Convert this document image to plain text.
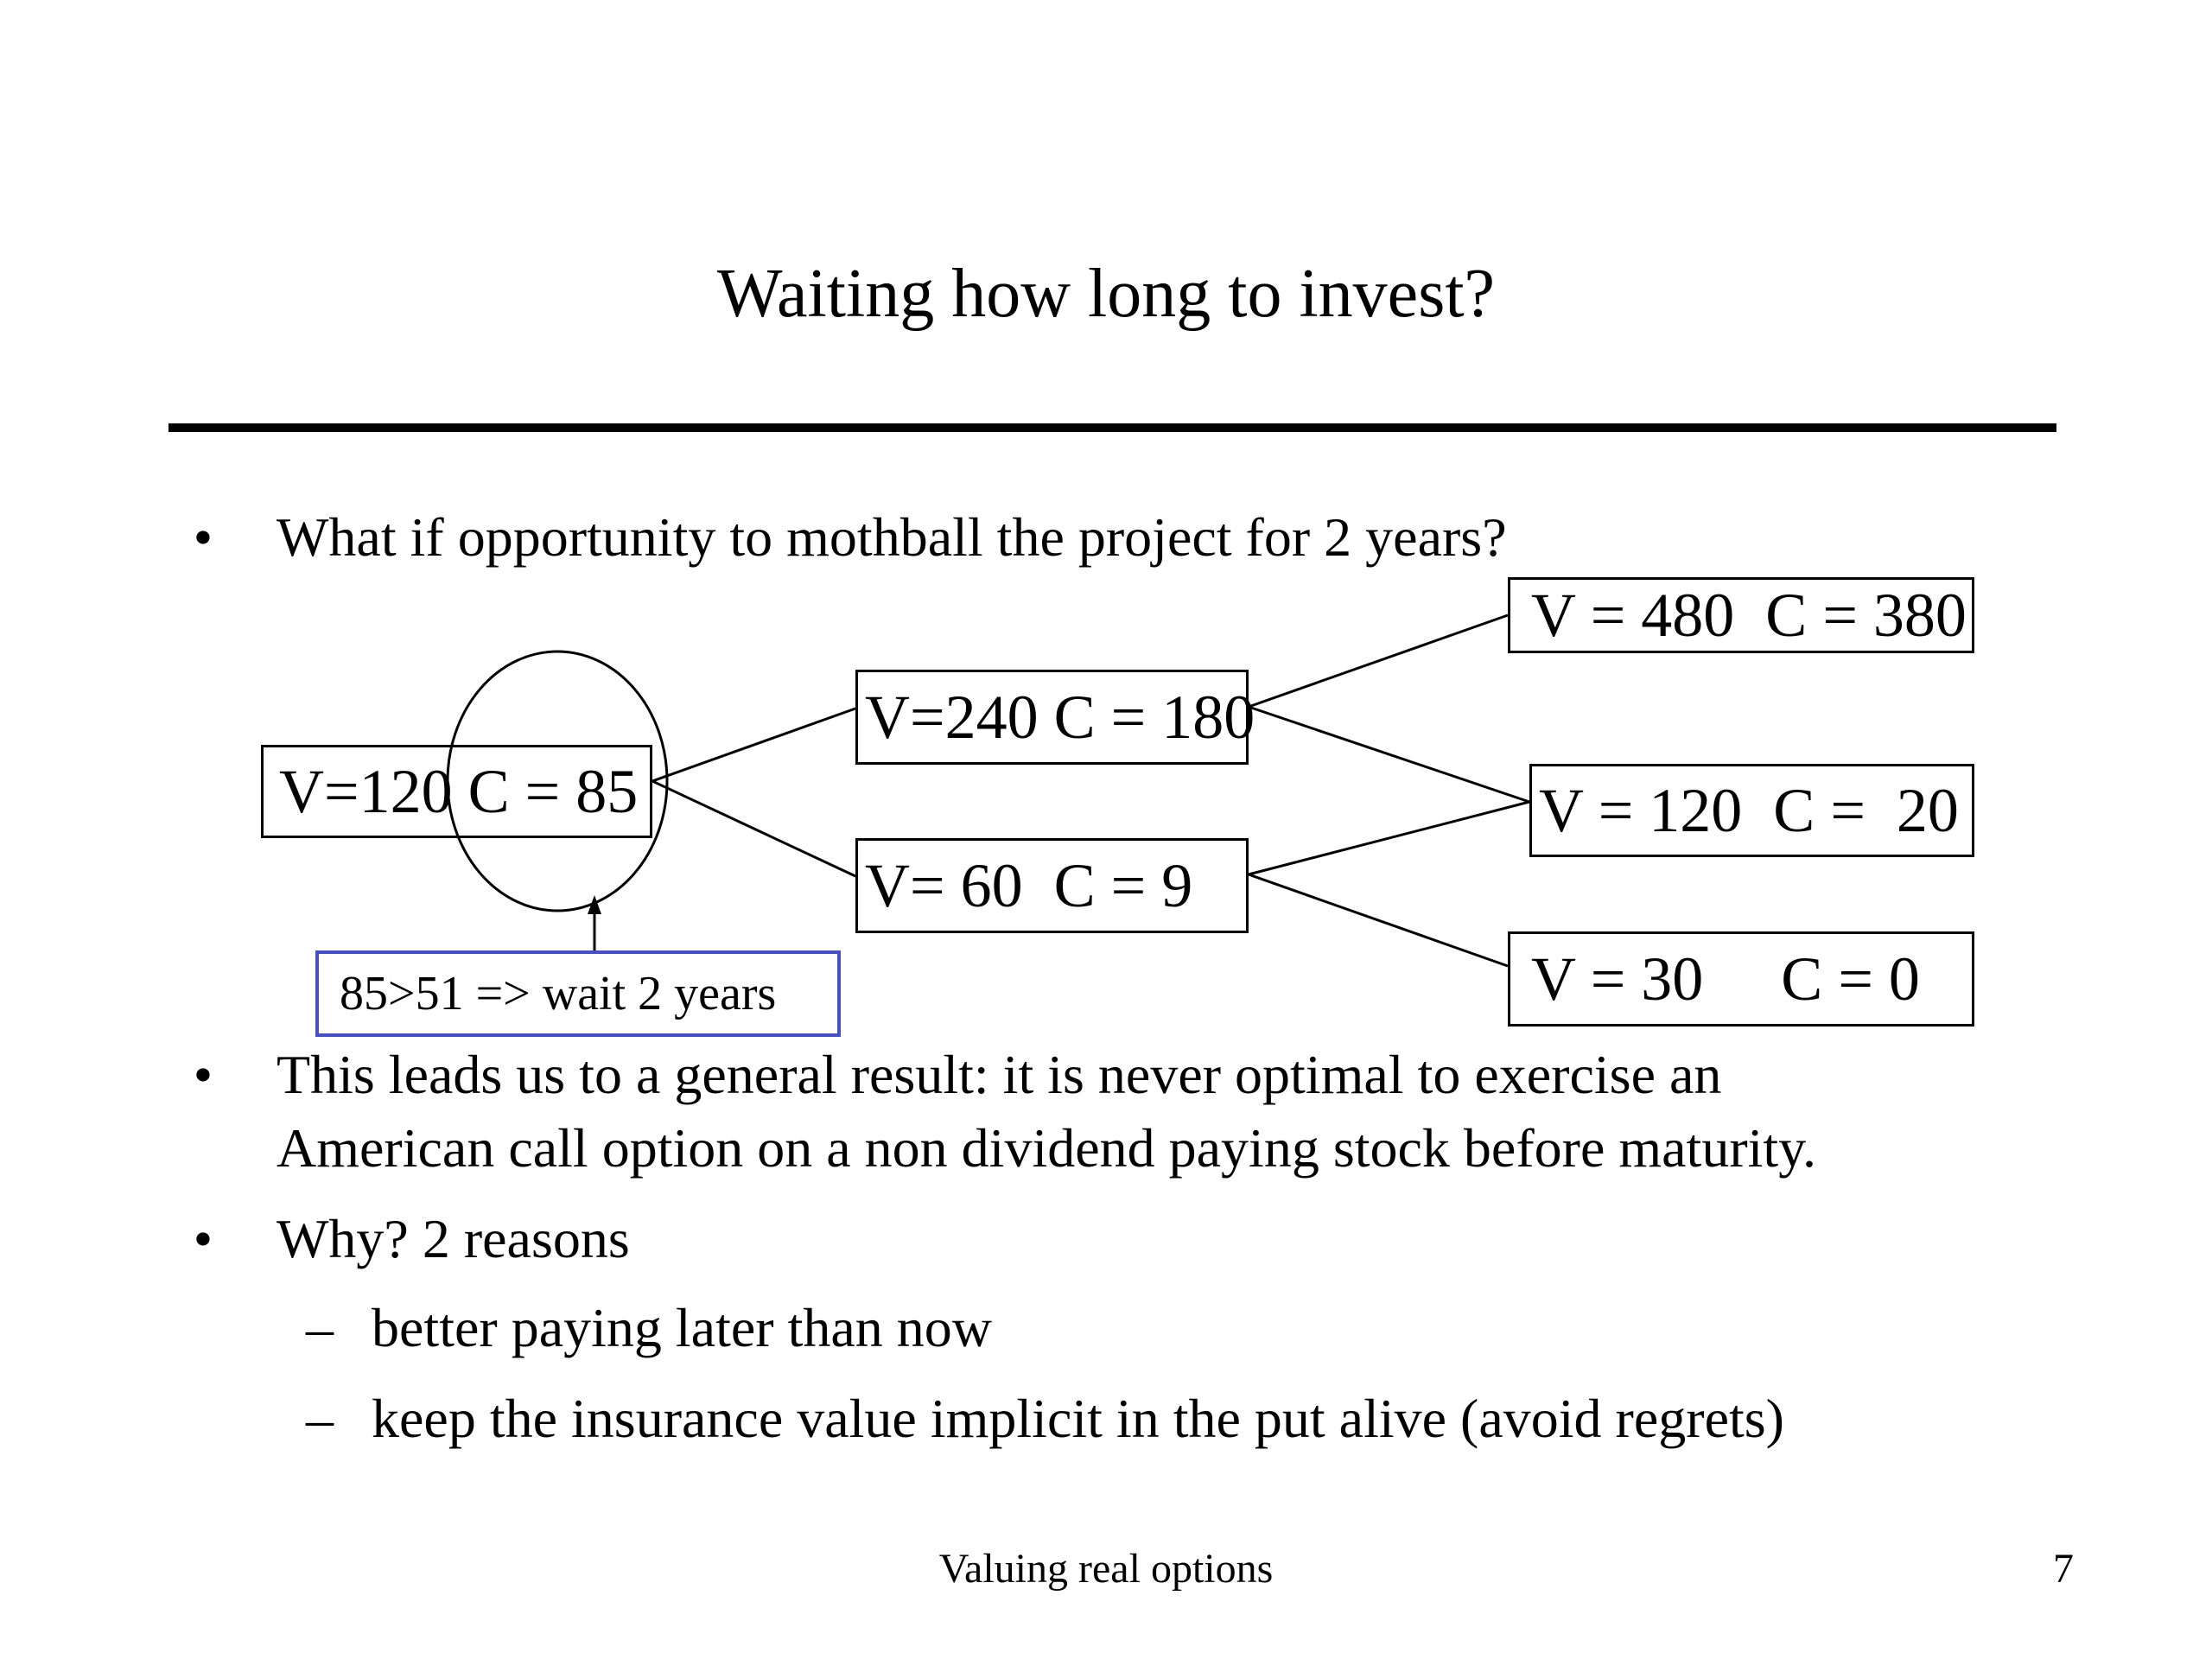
Waiting how long to invest?
• What if opportunity to mothball the project for 2 years?
V=120 C = 85
V=240 C = 180
V= 60  C = 9
V = 480  C = 380
V = 120  C =  20
V = 30     C = 0
85>51 => wait 2 years
• This leads us to a general result: it is never optimal to exercise an
American call option on a non dividend paying stock before maturity.
• Why? 2 reasons
– better paying later than now
– keep the insurance value implicit in the put alive (avoid regrets)
Valuing real options	7
